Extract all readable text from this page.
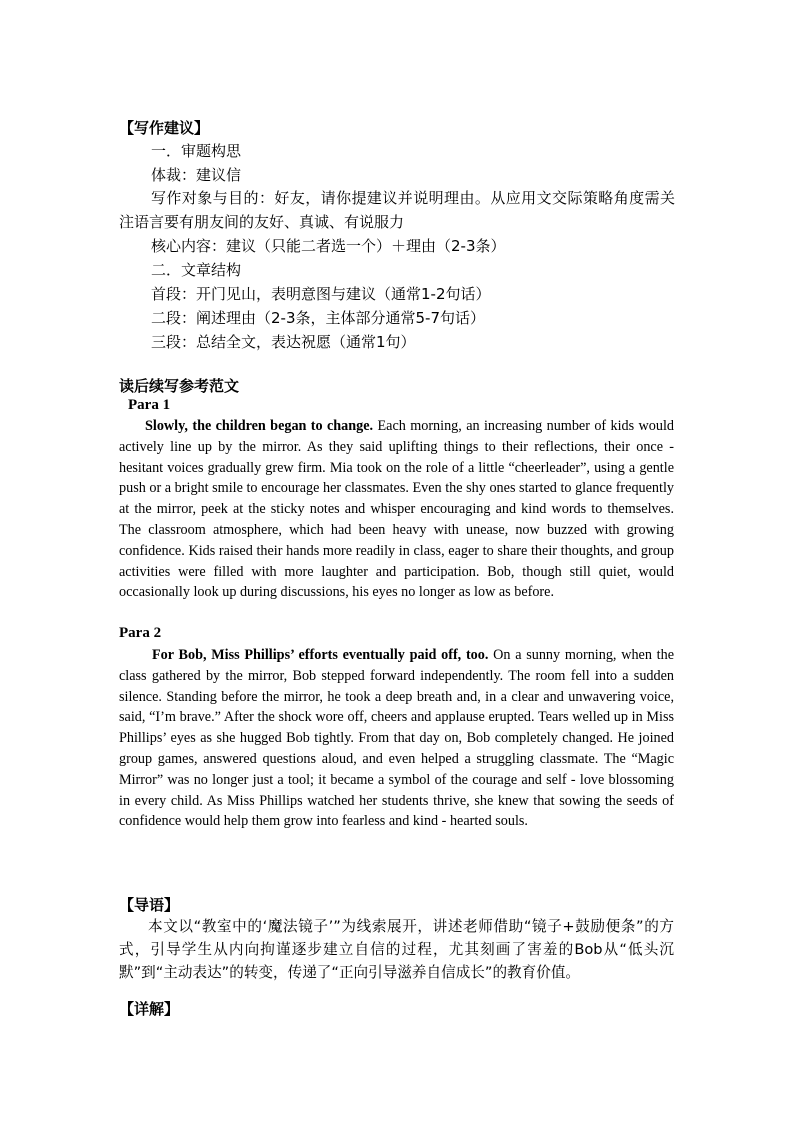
【写作建议】
一．审题构思
体裁：建议信
写作对象与目的：好友，请你提建议并说明理由。从应用文交际策略角度需关注语言要有朋友间的友好、真诚、有说服力
核心内容：建议（只能二者选一个）＋理由（2-3条）
二．文章结构
首段：开门见山，表明意图与建议（通常1-2句话）
二段：阐述理由（2-3条，主体部分通常5-7句话）
三段：总结全文，表达祝愿（通常1句）
读后续写参考范文
Para 1

Slowly, the children began to change. Each morning, an increasing number of kids would actively line up by the mirror. As they said uplifting things to their reflections, their once - hesitant voices gradually grew firm. Mia took on the role of a little “cheerleader”, using a gentle push or a bright smile to encourage her classmates. Even the shy ones started to glance frequently at the mirror, peek at the sticky notes and whisper encouraging and kind words to themselves. The classroom atmosphere, which had been heavy with unease, now buzzed with growing confidence. Kids raised their hands more readily in class, eager to share their thoughts, and group activities were filled with more laughter and participation. Bob, though still quiet, would occasionally look up during discussions, his eyes no longer as low as before.

Para 2

For Bob, Miss Phillips’ efforts eventually paid off, too. On a sunny morning, when the class gathered by the mirror, Bob stepped forward independently. The room fell into a sudden silence. Standing before the mirror, he took a deep breath and, in a clear and unwavering voice, said, “I’m brave.” After the shock wore off, cheers and applause erupted. Tears welled up in Miss Phillips’ eyes as she hugged Bob tightly. From that day on, Bob completely changed. He joined group games, answered questions aloud, and even helped a struggling classmate. The “Magic Mirror” was no longer just a tool; it became a symbol of the courage and self - love blossoming in every child. As Miss Phillips watched her students thrive, she knew that sowing the seeds of confidence would help them grow into fearless and kind - hearted souls.

【导语】
本文以“教室中的‘魔法镜子’”为线索展开，讲述老师借助“镜子+鼓励便条”的方式，引导学生从内向拘谨逐步建立自信的过程，尤其刻画了害羞的Bob从“低头沉默”到“主动表达”的转变，传递了“正向引导滋养自信成长”的教育价值。
【详解】
